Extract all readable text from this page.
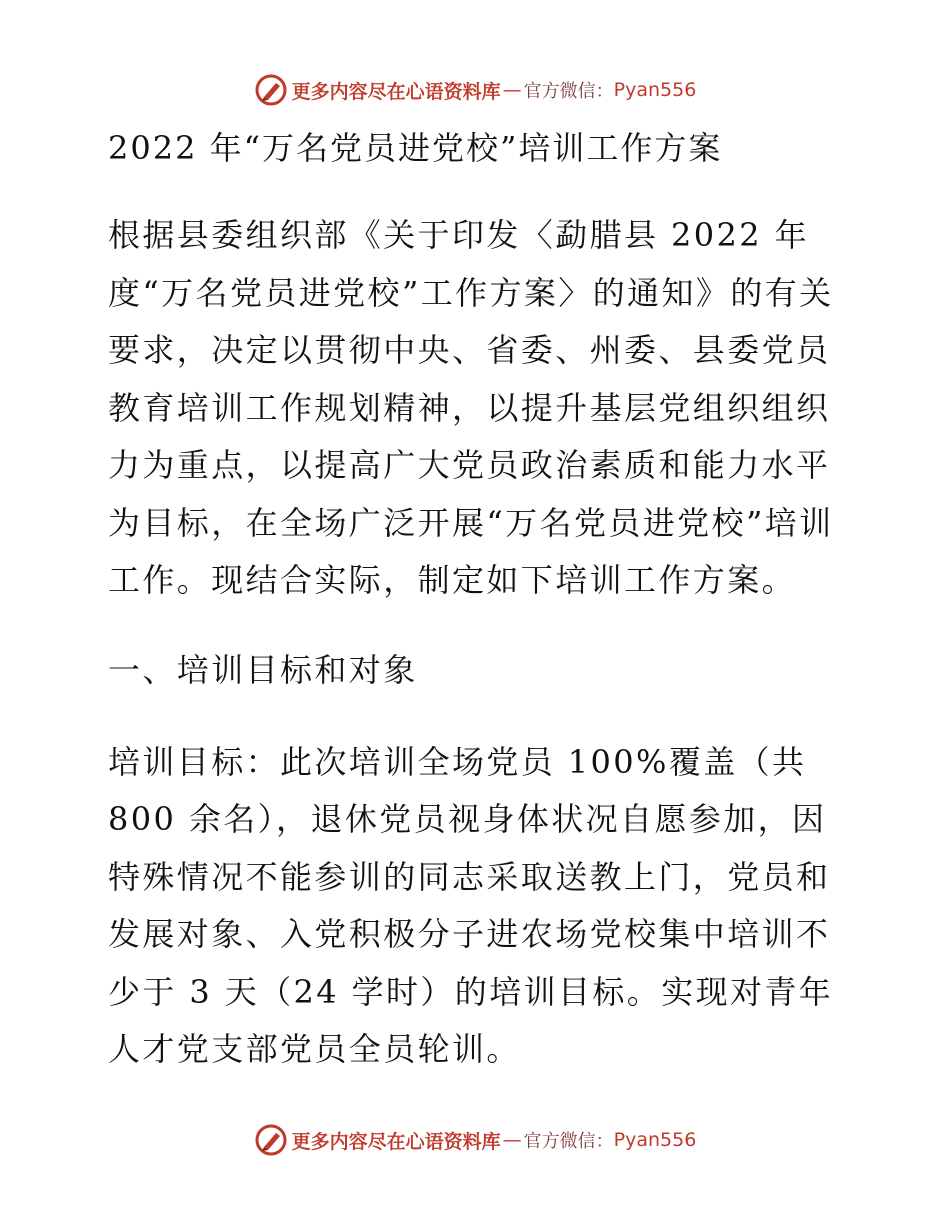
更多内容尽在心语资料库 — 官方微信： Pyan556
2022 年“万名党员进党校”培训工作方案

根据县委组织部《关于印发〈勐腊县 2022 年度“万名党员进党校”工作方案〉的通知》的有关要求，决定以贯彻中央、省委、州委、县委党员教育培训工作规划精神，以提升基层党组织组织力为重点，以提高广大党员政治素质和能力水平为目标，在全场广泛开展“万名党员进党校”培训工作。现结合实际，制定如下培训工作方案。

一、培训目标和对象

培训目标：此次培训全场党员 100%覆盖（共 800 余名），退休党员视身体状况自愿参加，因特殊情况不能参训的同志采取送教上门，党员和发展对象、入党积极分子进农场党校集中培训不少于 3 天（24 学时）的培训目标。实现对青年人才党支部党员全员轮训。

更多内容尽在心语资料库 — 官方微信： Pyan556
